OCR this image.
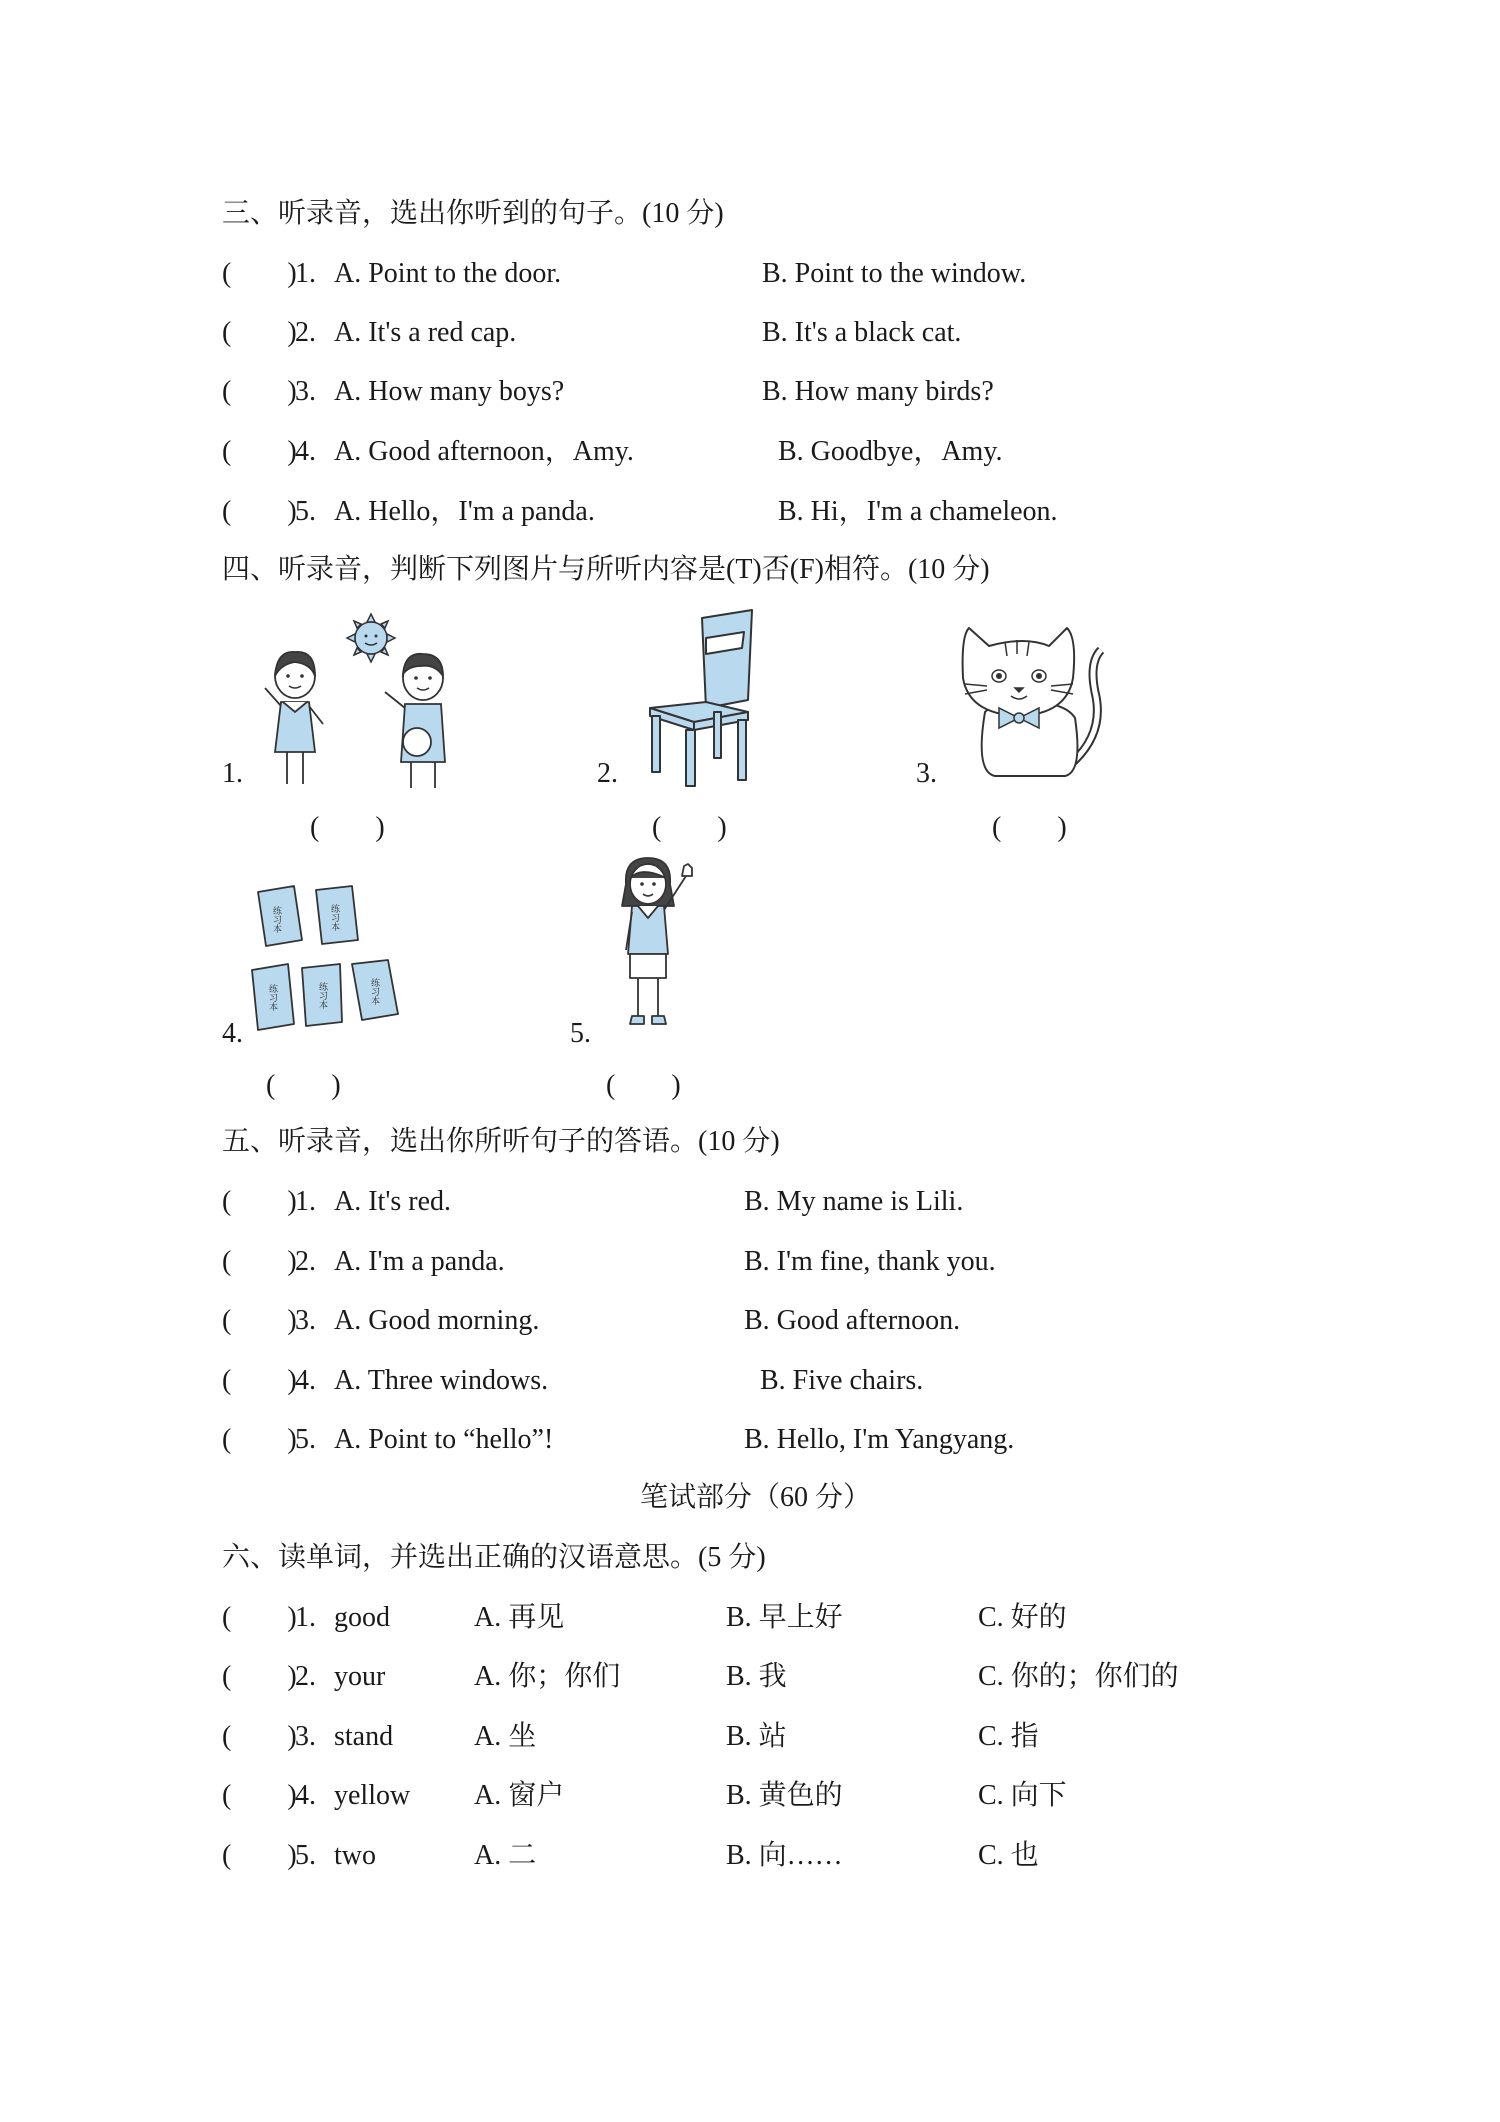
三、听录音，选出你听到的句子。(10 分)
(　　)
1. A. Point to the door.	B. Point to the window.
(　　)
2. A. It's a red cap.	B. It's a black cat.
(　　)
3. A. How many boys?	B. How many birds?
(　　)
4. A. Good afternoon，Amy.	B. Goodbye，Amy.
(　　)
5. A. Hello，I'm a panda.	B. Hi，I'm a chameleon.
四、听录音，判断下列图片与所听内容是(T)否(F)相符。(10 分)
1.
(　　)
2.
(　　)
3.
(　　)
4.
练习本	练习本
练习本	练习本	练习本
(　　)
5.
(　　)
五、听录音，选出你所听句子的答语。(10 分)
(　　)
1. A. It's red.	B. My name is Lili.
(　　)
2. A. I'm a panda.	B. I'm fine, thank you.
(　　)
3. A. Good morning.	B. Good afternoon.
(　　)
4. A. Three windows.	B. Five chairs.
(　　)
5. A. Point to “hello”!	B. Hello, I'm Yangyang.
笔试部分（60 分）
六、读单词，并选出正确的汉语意思。(5 分)
(　　)
1. good	A. 再见	B. 早上好	C. 好的
(　　)
2. your	A. 你；你们	B. 我	C. 你的；你们的
(　　)
3. stand	A. 坐	B. 站	C. 指
(　　)
4. yellow A. 窗户	B. 黄色的	C. 向下
(　　)
5. two	A. 二	B. 向……	C. 也
